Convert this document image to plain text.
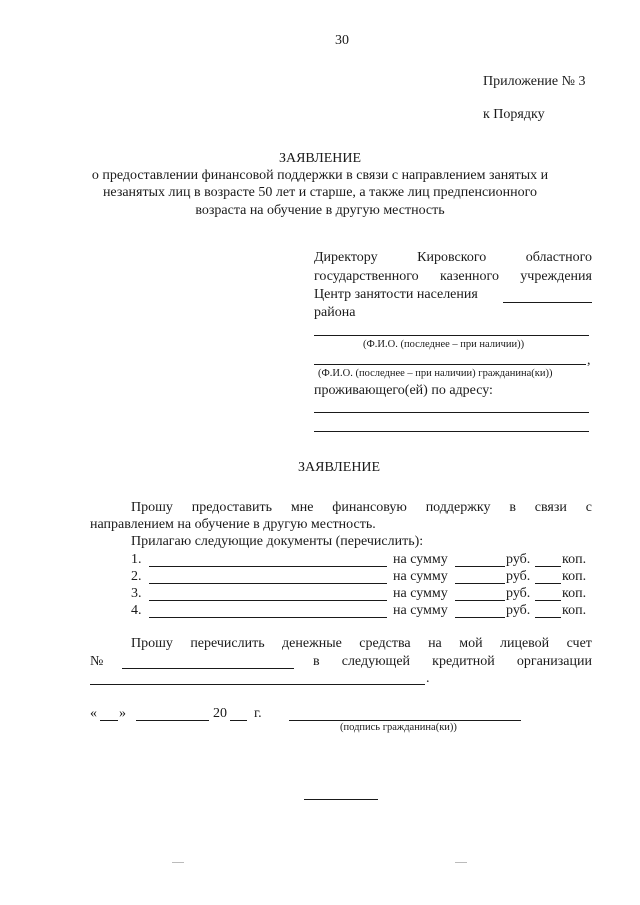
30
Приложение № 3
к Порядку
ЗАЯВЛЕНИЕ
о предоставлении финансовой поддержки в связи с направлением занятых и
незанятых лиц в возрасте 50 лет и старше, а также лиц предпенсионного
возраста на обучение в другую местность
Директору	Кировского	областного
государственного казенного учреждения
Центр занятости населения
района
(Ф.И.О. (последнее – при наличии))
,
(Ф.И.О. (последнее – при наличии) гражданина(ки))
проживающего(ей) по адресу:
ЗАЯВЛЕНИЕ
Прошу предоставить мне финансовую поддержку в связи с
направлением на обучение в другую местность.
Прилагаю следующие документы (перечислить):
1.	на сумму	руб. коп.
2.	на сумму	руб. коп.
3.	на сумму	руб. коп.
4.	на сумму	руб. коп.
Прошу перечислить денежные средства на мой лицевой счет
№	в следующей кредитной организации
.
« »	20 г.
(подпись гражданина(ки))
